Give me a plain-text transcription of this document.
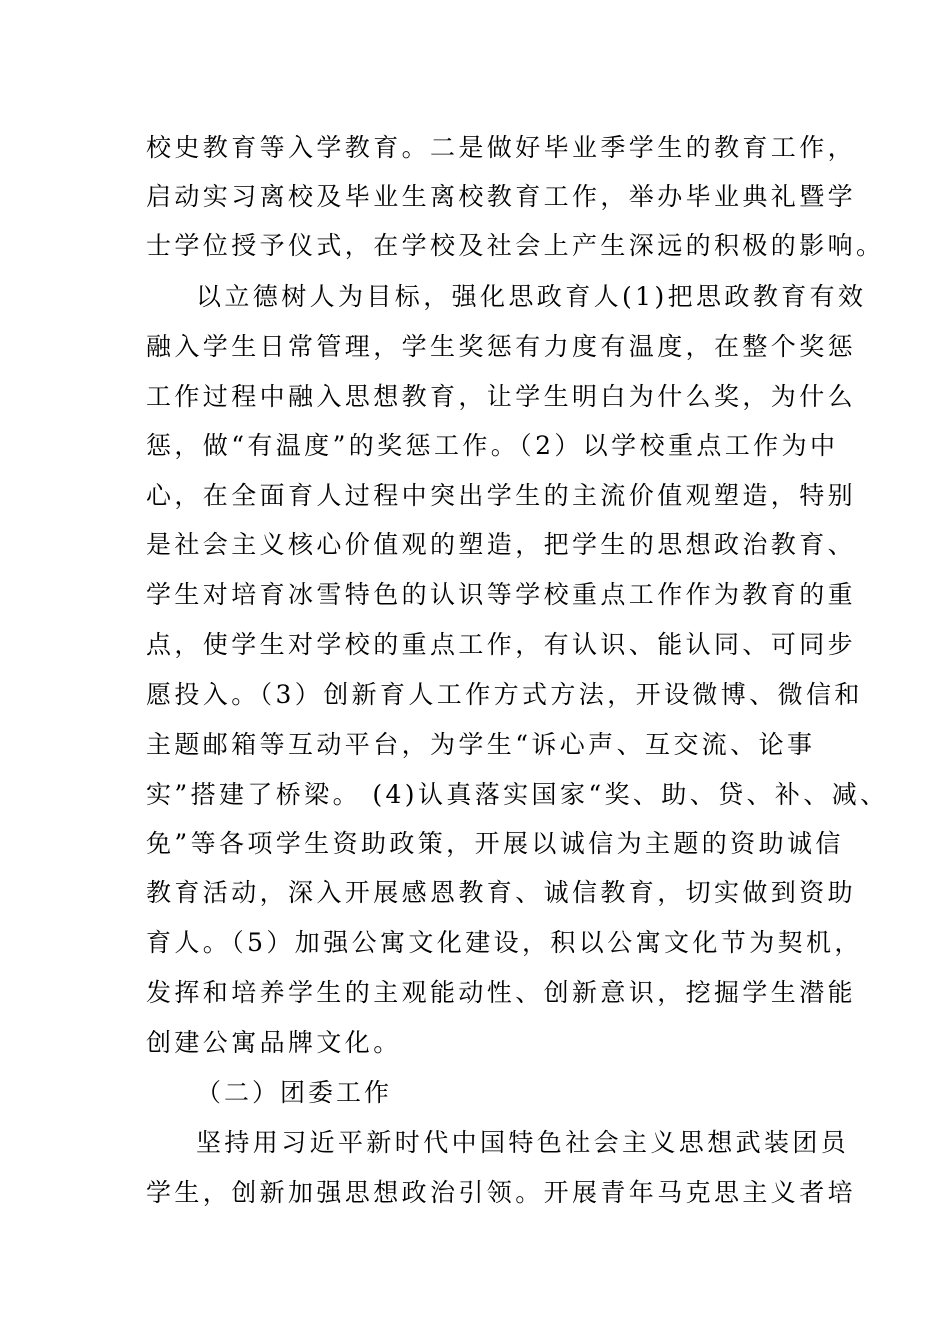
校史教育等入学教育。二是做好毕业季学生的教育工作，
启动实习离校及毕业生离校教育工作，举办毕业典礼暨学
士学位授予仪式，在学校及社会上产生深远的积极的影响。
以立德树人为目标，强化思政育人(1)把思政教育有效
融入学生日常管理，学生奖惩有力度有温度，在整个奖惩
工作过程中融入思想教育，让学生明白为什么奖，为什么
惩，做“有温度”的奖惩工作。（2）以学校重点工作为中
心，在全面育人过程中突出学生的主流价值观塑造，特别
是社会主义核心价值观的塑造，把学生的思想政治教育、
学生对培育冰雪特色的认识等学校重点工作作为教育的重
点，使学生对学校的重点工作，有认识、能认同、可同步
愿投入。（3）创新育人工作方式方法，开设微博、微信和
主题邮箱等互动平台，为学生“诉心声、互交流、论事
实”搭建了桥梁。 (4)认真落实国家“奖、助、贷、补、减、
免”等各项学生资助政策，开展以诚信为主题的资助诚信
教育活动，深入开展感恩教育、诚信教育，切实做到资助
育人。（5）加强公寓文化建设，积以公寓文化节为契机，
发挥和培养学生的主观能动性、创新意识，挖掘学生潜能
创建公寓品牌文化。
（二）团委工作
坚持用习近平新时代中国特色社会主义思想武装团员
学生，创新加强思想政治引领。开展青年马克思主义者培
